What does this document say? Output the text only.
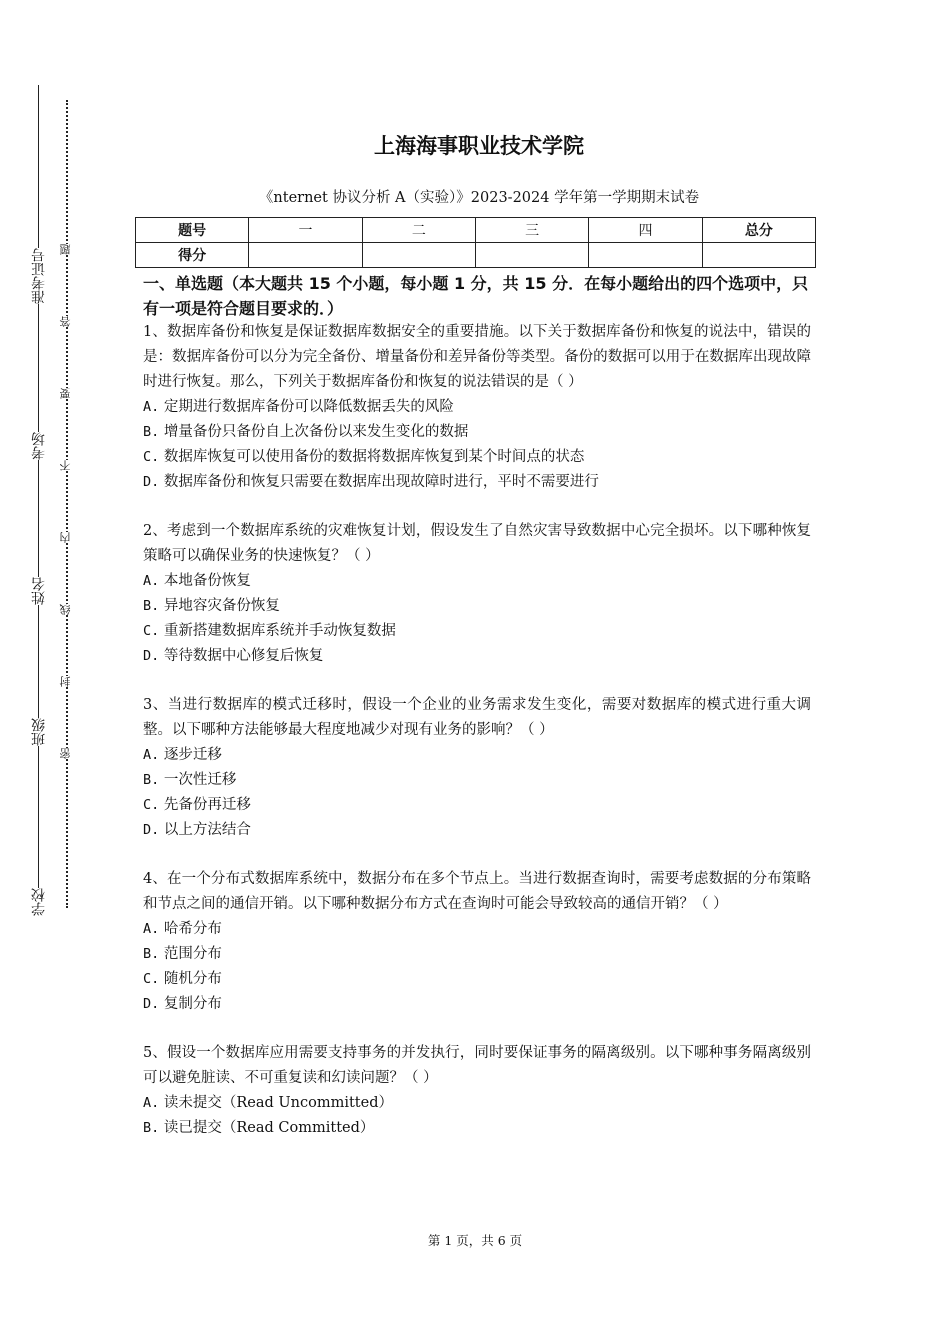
准考证号
考场
姓名
班级
学校
题
答
要
不
内
线
封
密
上海海事职业技术学院
《nternet 协议分析 A（实验）》2023-2024 学年第一学期期末试卷
题号	一	二	三	四	总分
得分					
一、单选题（本大题共 15 个小题，每小题 1 分，共 15 分．在每小题给出的四个选项中，只有一项是符合题目要求的．）
1、数据库备份和恢复是保证数据库数据安全的重要措施。以下关于数据库备份和恢复的说法中，错误的是：数据库备份可以分为完全备份、增量备份和差异备份等类型。备份的数据可以用于在数据库出现故障时进行恢复。那么，下列关于数据库备份和恢复的说法错误的是（ ）
A. 定期进行数据库备份可以降低数据丢失的风险
B. 增量备份只备份自上次备份以来发生变化的数据
C. 数据库恢复可以使用备份的数据将数据库恢复到某个时间点的状态
D. 数据库备份和恢复只需要在数据库出现故障时进行，平时不需要进行
2、考虑到一个数据库系统的灾难恢复计划，假设发生了自然灾害导致数据中心完全损坏。以下哪种恢复策略可以确保业务的快速恢复？（ ）
A. 本地备份恢复
B. 异地容灾备份恢复
C. 重新搭建数据库系统并手动恢复数据
D. 等待数据中心修复后恢复
3、当进行数据库的模式迁移时，假设一个企业的业务需求发生变化，需要对数据库的模式进行重大调整。以下哪种方法能够最大程度地减少对现有业务的影响？（ ）
A. 逐步迁移
B. 一次性迁移
C. 先备份再迁移
D. 以上方法结合
4、在一个分布式数据库系统中，数据分布在多个节点上。当进行数据查询时，需要考虑数据的分布策略和节点之间的通信开销。以下哪种数据分布方式在查询时可能会导致较高的通信开销？（ ）
A. 哈希分布
B. 范围分布
C. 随机分布
D. 复制分布
5、假设一个数据库应用需要支持事务的并发执行，同时要保证事务的隔离级别。以下哪种事务隔离级别可以避免脏读、不可重复读和幻读问题？（ ）
A. 读未提交（Read Uncommitted）
B. 读已提交（Read Committed）
第 1 页，共 6 页
